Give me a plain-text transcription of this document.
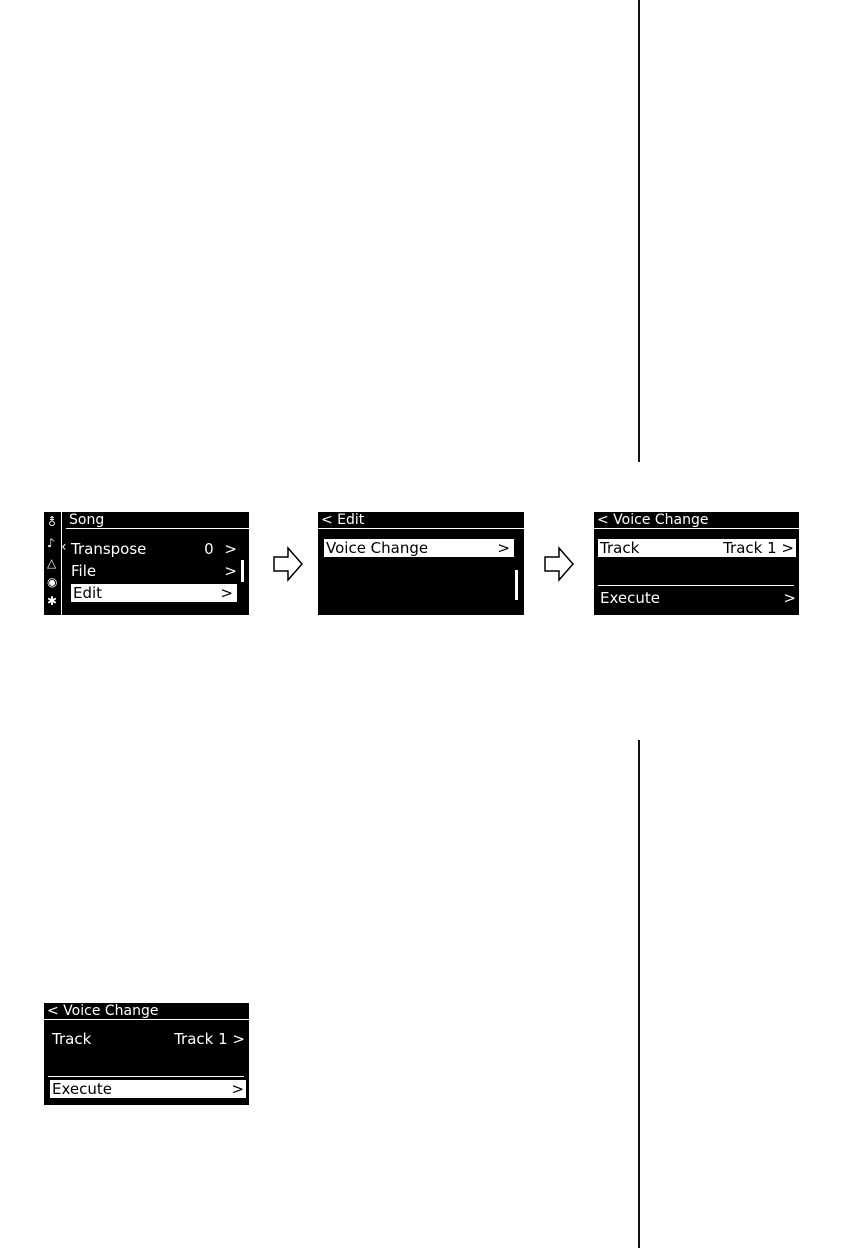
⚨
♪
△
◉
✱
‹
Song
Transpose	0 >
File	>
Edit	>
< Edit
Voice Change	>
< Voice Change
Track	Track 1 >
Execute	>
< Voice Change
Track	Track 1 >
Execute	>
